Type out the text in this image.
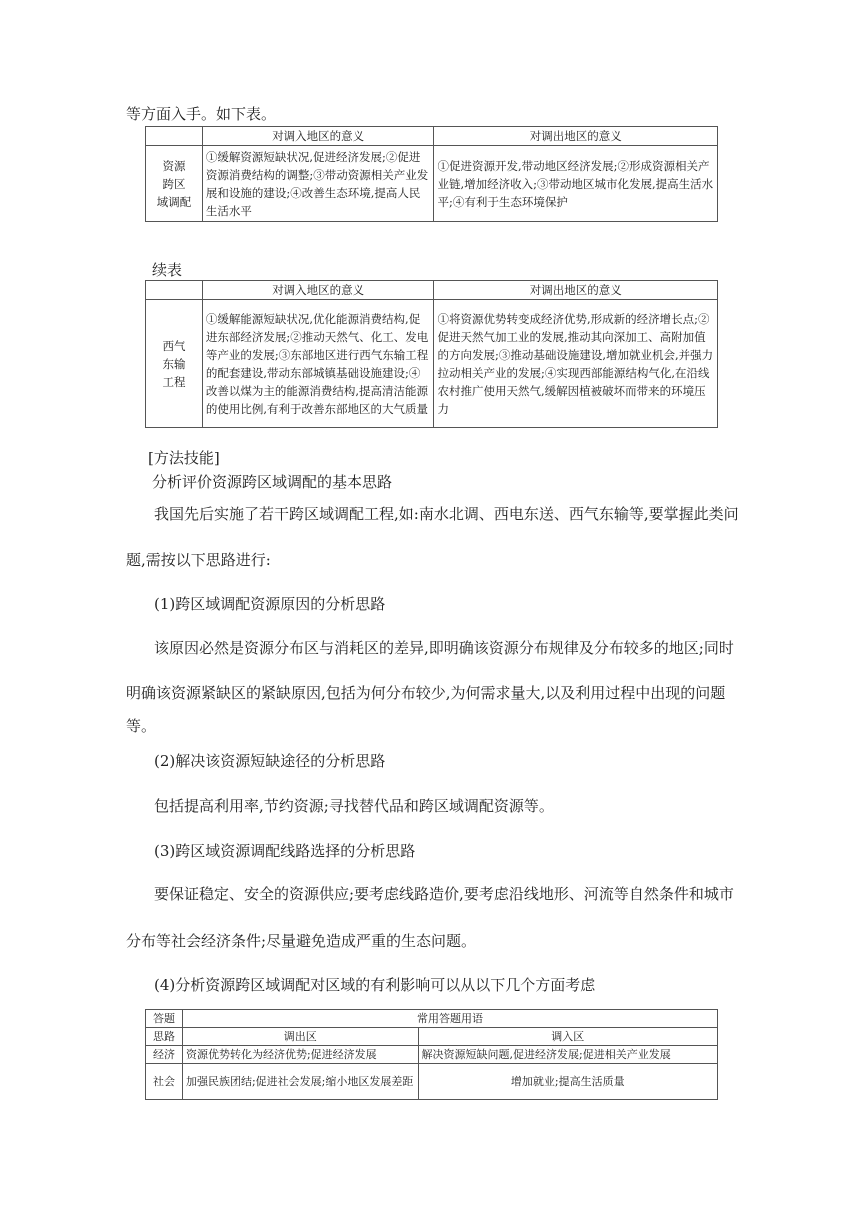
等方面入手。如下表。
	对调入地区的意义	对调出地区的意义
资源
跨区
域调配	①缓解资源短缺状况,促进经济发展;②促进资源消费结构的调整;③带动资源相关产业发展和设施的建设;④改善生态环境,提高人民生活水平	①促进资源开发,带动地区经济发展;②形成资源相关产业链,增加经济收入;③带动地区城市化发展,提高生活水平;④有利于生态环境保护
续表
	对调入地区的意义	对调出地区的意义
西气
东输
工程	①缓解能源短缺状况,优化能源消费结构,促进东部经济发展;②推动天然气、化工、发电等产业的发展;③东部地区进行西气东输工程的配套建设,带动东部城镇基础设施建设;④改善以煤为主的能源消费结构,提高清洁能源的使用比例,有利于改善东部地区的大气质量	①将资源优势转变成经济优势,形成新的经济增长点;②促进天然气加工业的发展,推动其向深加工、高附加值的方向发展;③推动基础设施建设,增加就业机会,并强力拉动相关产业的发展;④实现西部能源结构气化,在沿线农村推广使用天然气,缓解因植被破坏而带来的环境压力
[方法技能]
分析评价资源跨区域调配的基本思路
我国先后实施了若干跨区域调配工程,如:南水北调、西电东送、西气东输等,要掌握此类问
题,需按以下思路进行:
(1)跨区域调配资源原因的分析思路
该原因必然是资源分布区与消耗区的差异,即明确该资源分布规律及分布较多的地区;同时
明确该资源紧缺区的紧缺原因,包括为何分布较少,为何需求量大,以及利用过程中出现的问题
等。
(2)解决该资源短缺途径的分析思路
包括提高利用率,节约资源;寻找替代品和跨区域调配资源等。
(3)跨区域资源调配线路选择的分析思路
要保证稳定、安全的资源供应;要考虑线路造价,要考虑沿线地形、河流等自然条件和城市
分布等社会经济条件;尽量避免造成严重的生态问题。
(4)分析资源跨区域调配对区域的有利影响可以从以下几个方面考虑
答题	常用答题用语	
思路	调出区	调入区
经济	资源优势转化为经济优势;促进经济发展	解决资源短缺问题,促进经济发展;促进相关产业发展
社会	加强民族团结;促进社会发展;缩小地区发展差距	增加就业;提高生活质量
